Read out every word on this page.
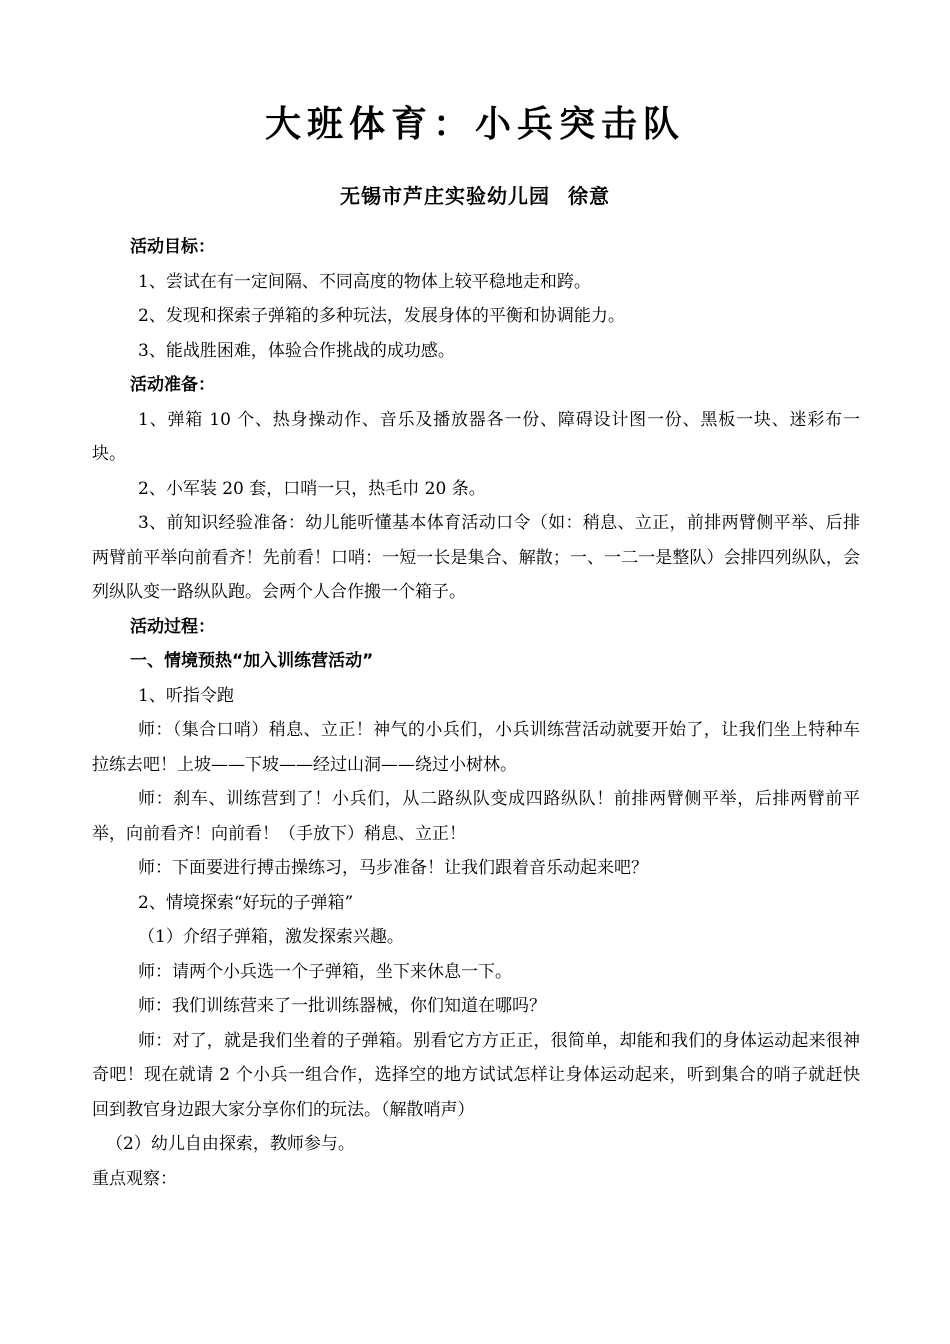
大班体育：小兵突击队
无锡市芦庄实验幼儿园 徐意
活动目标：
1、尝试在有一定间隔、不同高度的物体上较平稳地走和跨。
2、发现和探索子弹箱的多种玩法，发展身体的平衡和协调能力。
3、能战胜困难，体验合作挑战的成功感。
活动准备：
1、弹箱 10 个、热身操动作、音乐及播放器各一份、障碍设计图一份、黑板一块、迷彩布一块。
2、小军装 20 套，口哨一只，热毛巾 20 条。
3、前知识经验准备：幼儿能听懂基本体育活动口令（如：稍息、立正，前排两臂侧平举、后排两臂前平举向前看齐！先前看！口哨：一短一长是集合、解散；一、一二一是整队）会排四列纵队，会列纵队变一路纵队跑。会两个人合作搬一个箱子。
活动过程：
一、情境预热“加入训练营活动”
1、听指令跑
师：（集合口哨）稍息、立正！神气的小兵们，小兵训练营活动就要开始了，让我们坐上特种车拉练去吧！上坡——下坡——经过山洞——绕过小树林。
师：刹车、训练营到了！小兵们，从二路纵队变成四路纵队！前排两臂侧平举，后排两臂前平举，向前看齐！向前看！（手放下）稍息、立正！
师：下面要进行搏击操练习，马步准备！让我们跟着音乐动起来吧？
2、情境探索“好玩的子弹箱”
（1）介绍子弹箱，激发探索兴趣。
师：请两个小兵选一个子弹箱，坐下来休息一下。
师：我们训练营来了一批训练器械，你们知道在哪吗？
师：对了，就是我们坐着的子弹箱。别看它方方正正，很简单，却能和我们的身体运动起来很神奇吧！现在就请 2 个小兵一组合作，选择空的地方试试怎样让身体运动起来，听到集合的哨子就赶快回到教官身边跟大家分享你们的玩法。（解散哨声）
（2）幼儿自由探索，教师参与。
重点观察：
